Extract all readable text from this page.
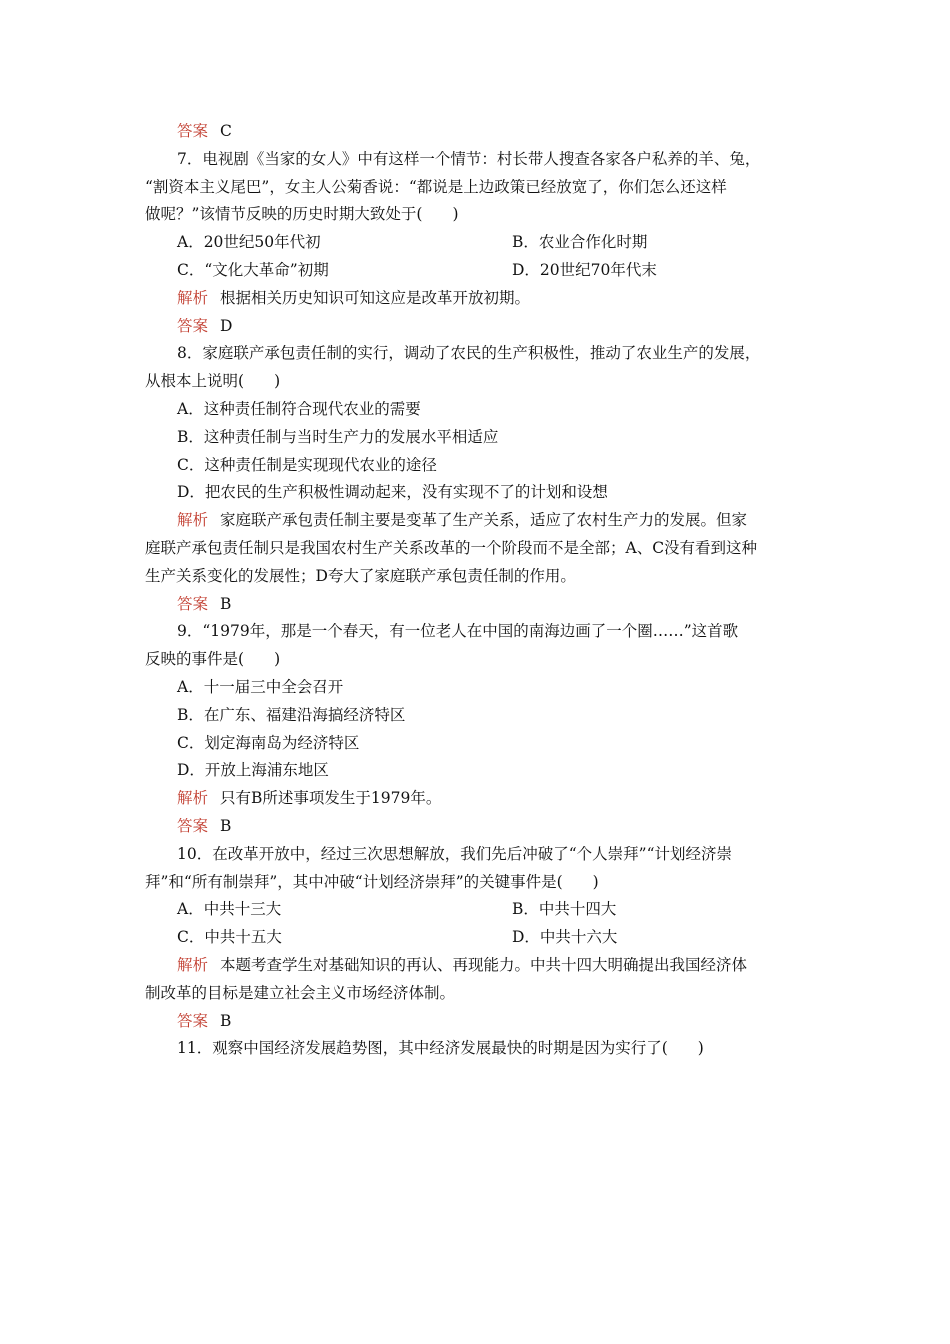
答案 C
7．电视剧《当家的女人》中有这样一个情节：村长带人搜查各家各户私养的羊、兔，
“割资本主义尾巴”，女主人公菊香说：“都说是上边政策已经放宽了，你们怎么还这样
做呢？”该情节反映的历史时期大致处于( )
A．20世纪50年代初	B．农业合作化时期
C．“文化大革命”初期	D．20世纪70年代末
解析 根据相关历史知识可知这应是改革开放初期。
答案 D
8．家庭联产承包责任制的实行，调动了农民的生产积极性，推动了农业生产的发展，
从根本上说明( )
A．这种责任制符合现代农业的需要
B．这种责任制与当时生产力的发展水平相适应
C．这种责任制是实现现代农业的途径
D．把农民的生产积极性调动起来，没有实现不了的计划和设想
解析 家庭联产承包责任制主要是变革了生产关系，适应了农村生产力的发展。但家
庭联产承包责任制只是我国农村生产关系改革的一个阶段而不是全部；A、C没有看到这种
生产关系变化的发展性；D夸大了家庭联产承包责任制的作用。
答案 B
9．“1979年，那是一个春天，有一位老人在中国的南海边画了一个圈……”这首歌
反映的事件是( )
A．十一届三中全会召开
B．在广东、福建沿海搞经济特区
C．划定海南岛为经济特区
D．开放上海浦东地区
解析 只有B所述事项发生于1979年。
答案 B
10．在改革开放中，经过三次思想解放，我们先后冲破了“个人崇拜”“计划经济崇
拜”和“所有制崇拜”，其中冲破“计划经济崇拜”的关键事件是( )
A．中共十三大	B．中共十四大
C．中共十五大	D．中共十六大
解析 本题考查学生对基础知识的再认、再现能力。中共十四大明确提出我国经济体
制改革的目标是建立社会主义市场经济体制。
答案 B
11．观察中国经济发展趋势图，其中经济发展最快的时期是因为实行了( )
